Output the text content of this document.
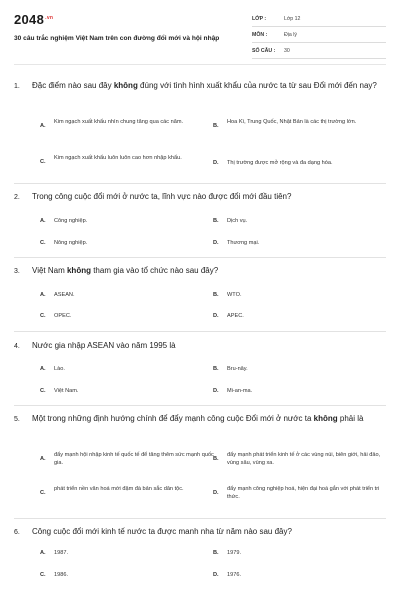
$2048^{.vn}$
30 câu trắc nghiệm Việt Nam trên con đường đổi mới và hội nhập
LỚP :	Lớp 12
MÔN :	Địa lý
SỐ CÂU : 30
1. Đặc điểm nào sau đây không đúng với tình hình xuất khẩu của nước ta từ sau Đổi mới đến nay?
A.
Kim ngạch xuất khẩu nhìn chung tăng qua các năm.
B.
Hoa Kì, Trung Quốc, Nhật Bản là các thị trường lớn.
C.
Kim ngạch xuất khẩu luôn luôn cao hơn nhập khẩu.
D. Thị trường được mở rộng và đa dạng hóa.
2. Trong công cuộc đổi mới ở nước ta, lĩnh vực nào được đổi mới đầu tiên?
A. Công nghiệp.	B. Dịch vụ.
C. Nông nghiệp.	D. Thương mại.
3. Việt Nam không tham gia vào tổ chức nào sau đây?
A. ASEAN.	B. WTO.
C. OPEC.	D. APEC.
4. Nước gia nhập ASEAN vào năm 1995 là
A. Lào.	B. Bru-nây.
C. Việt Nam.	D. Mi-an-ma.
5. Một trong những định hướng chính để đẩy mạnh công cuộc Đổi mới ở nước ta không phải là
A.
đẩy mạnh hội nhập kinh tế quốc tế để tăng thêm sức mạnh quốc gia.
B.
đẩy mạnh phát triển kinh tế ở các vùng núi, biên giới, hải đảo, vùng sâu, vùng xa.
C.
phát triển nền văn hoá mới đậm đà bản sắc dân tộc.
D.
đẩy mạnh công nghiệp hoá, hiện đại hoá gắn với phát triển tri thức.
6. Công cuộc đổi mới kinh tế nước ta được manh nha từ năm nào sau đây?
A. 1987.	B. 1979.
C. 1986.	D. 1976.
